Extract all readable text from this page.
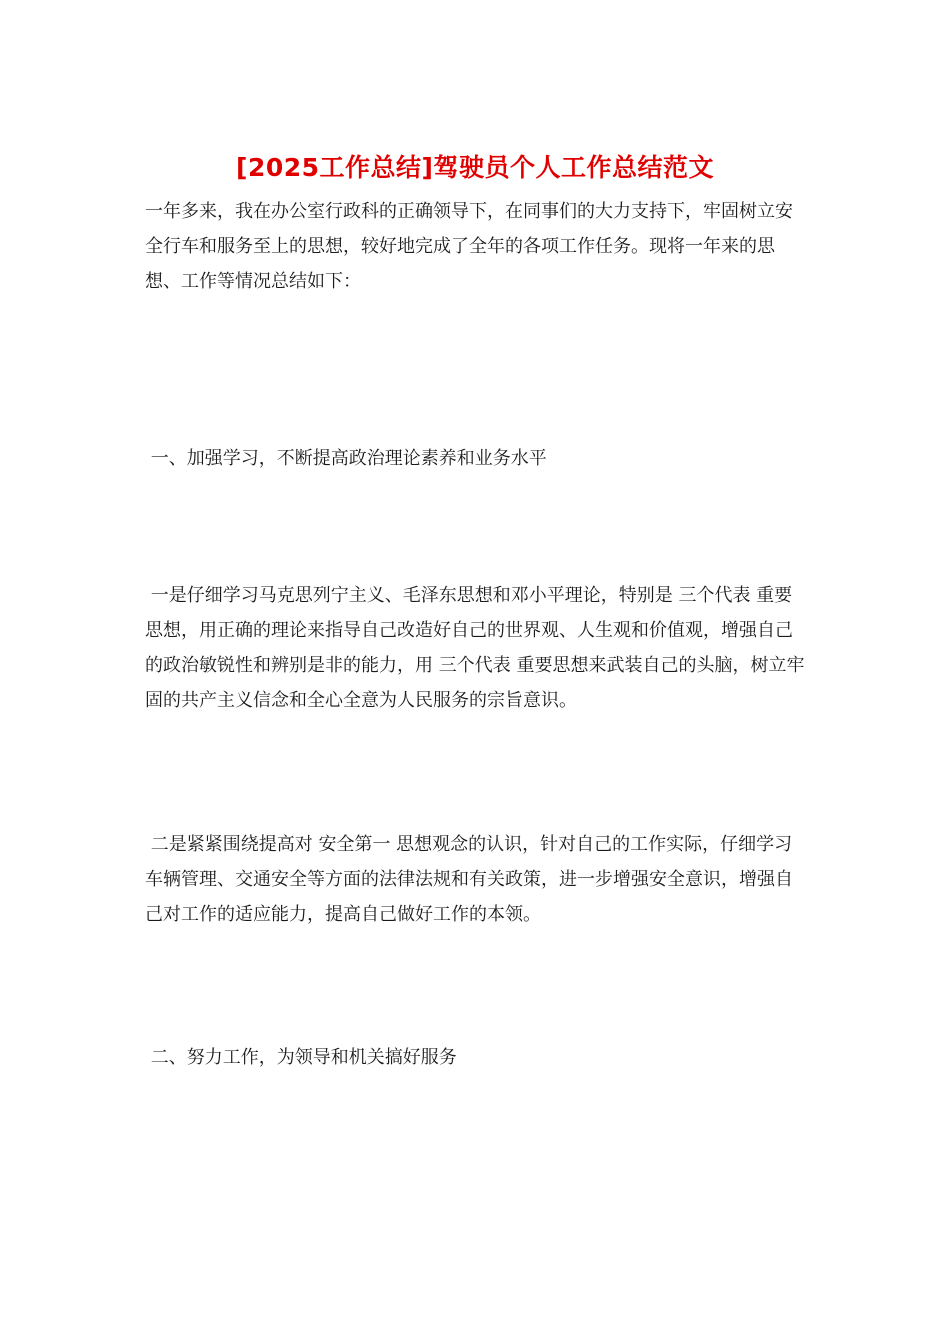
[2025工作总结]驾驶员个人工作总结范文

一年多来，我在办公室行政科的正确领导下，在同事们的大力支持下，牢固树立安全行车和服务至上的思想，较好地完成了全年的各项工作任务。现将一年来的思想、工作等情况总结如下：

一、加强学习，不断提高政治理论素养和业务水平

一是仔细学习马克思列宁主义、毛泽东思想和邓小平理论，特别是 三个代表 重要思想，用正确的理论来指导自己改造好自己的世界观、人生观和价值观，增强自己的政治敏锐性和辨别是非的能力，用 三个代表 重要思想来武装自己的头脑，树立牢固的共产主义信念和全心全意为人民服务的宗旨意识。

二是紧紧围绕提高对 安全第一 思想观念的认识，针对自己的工作实际，仔细学习车辆管理、交通安全等方面的法律法规和有关政策，进一步增强安全意识，增强自己对工作的适应能力，提高自己做好工作的本领。

二、努力工作，为领导和机关搞好服务
